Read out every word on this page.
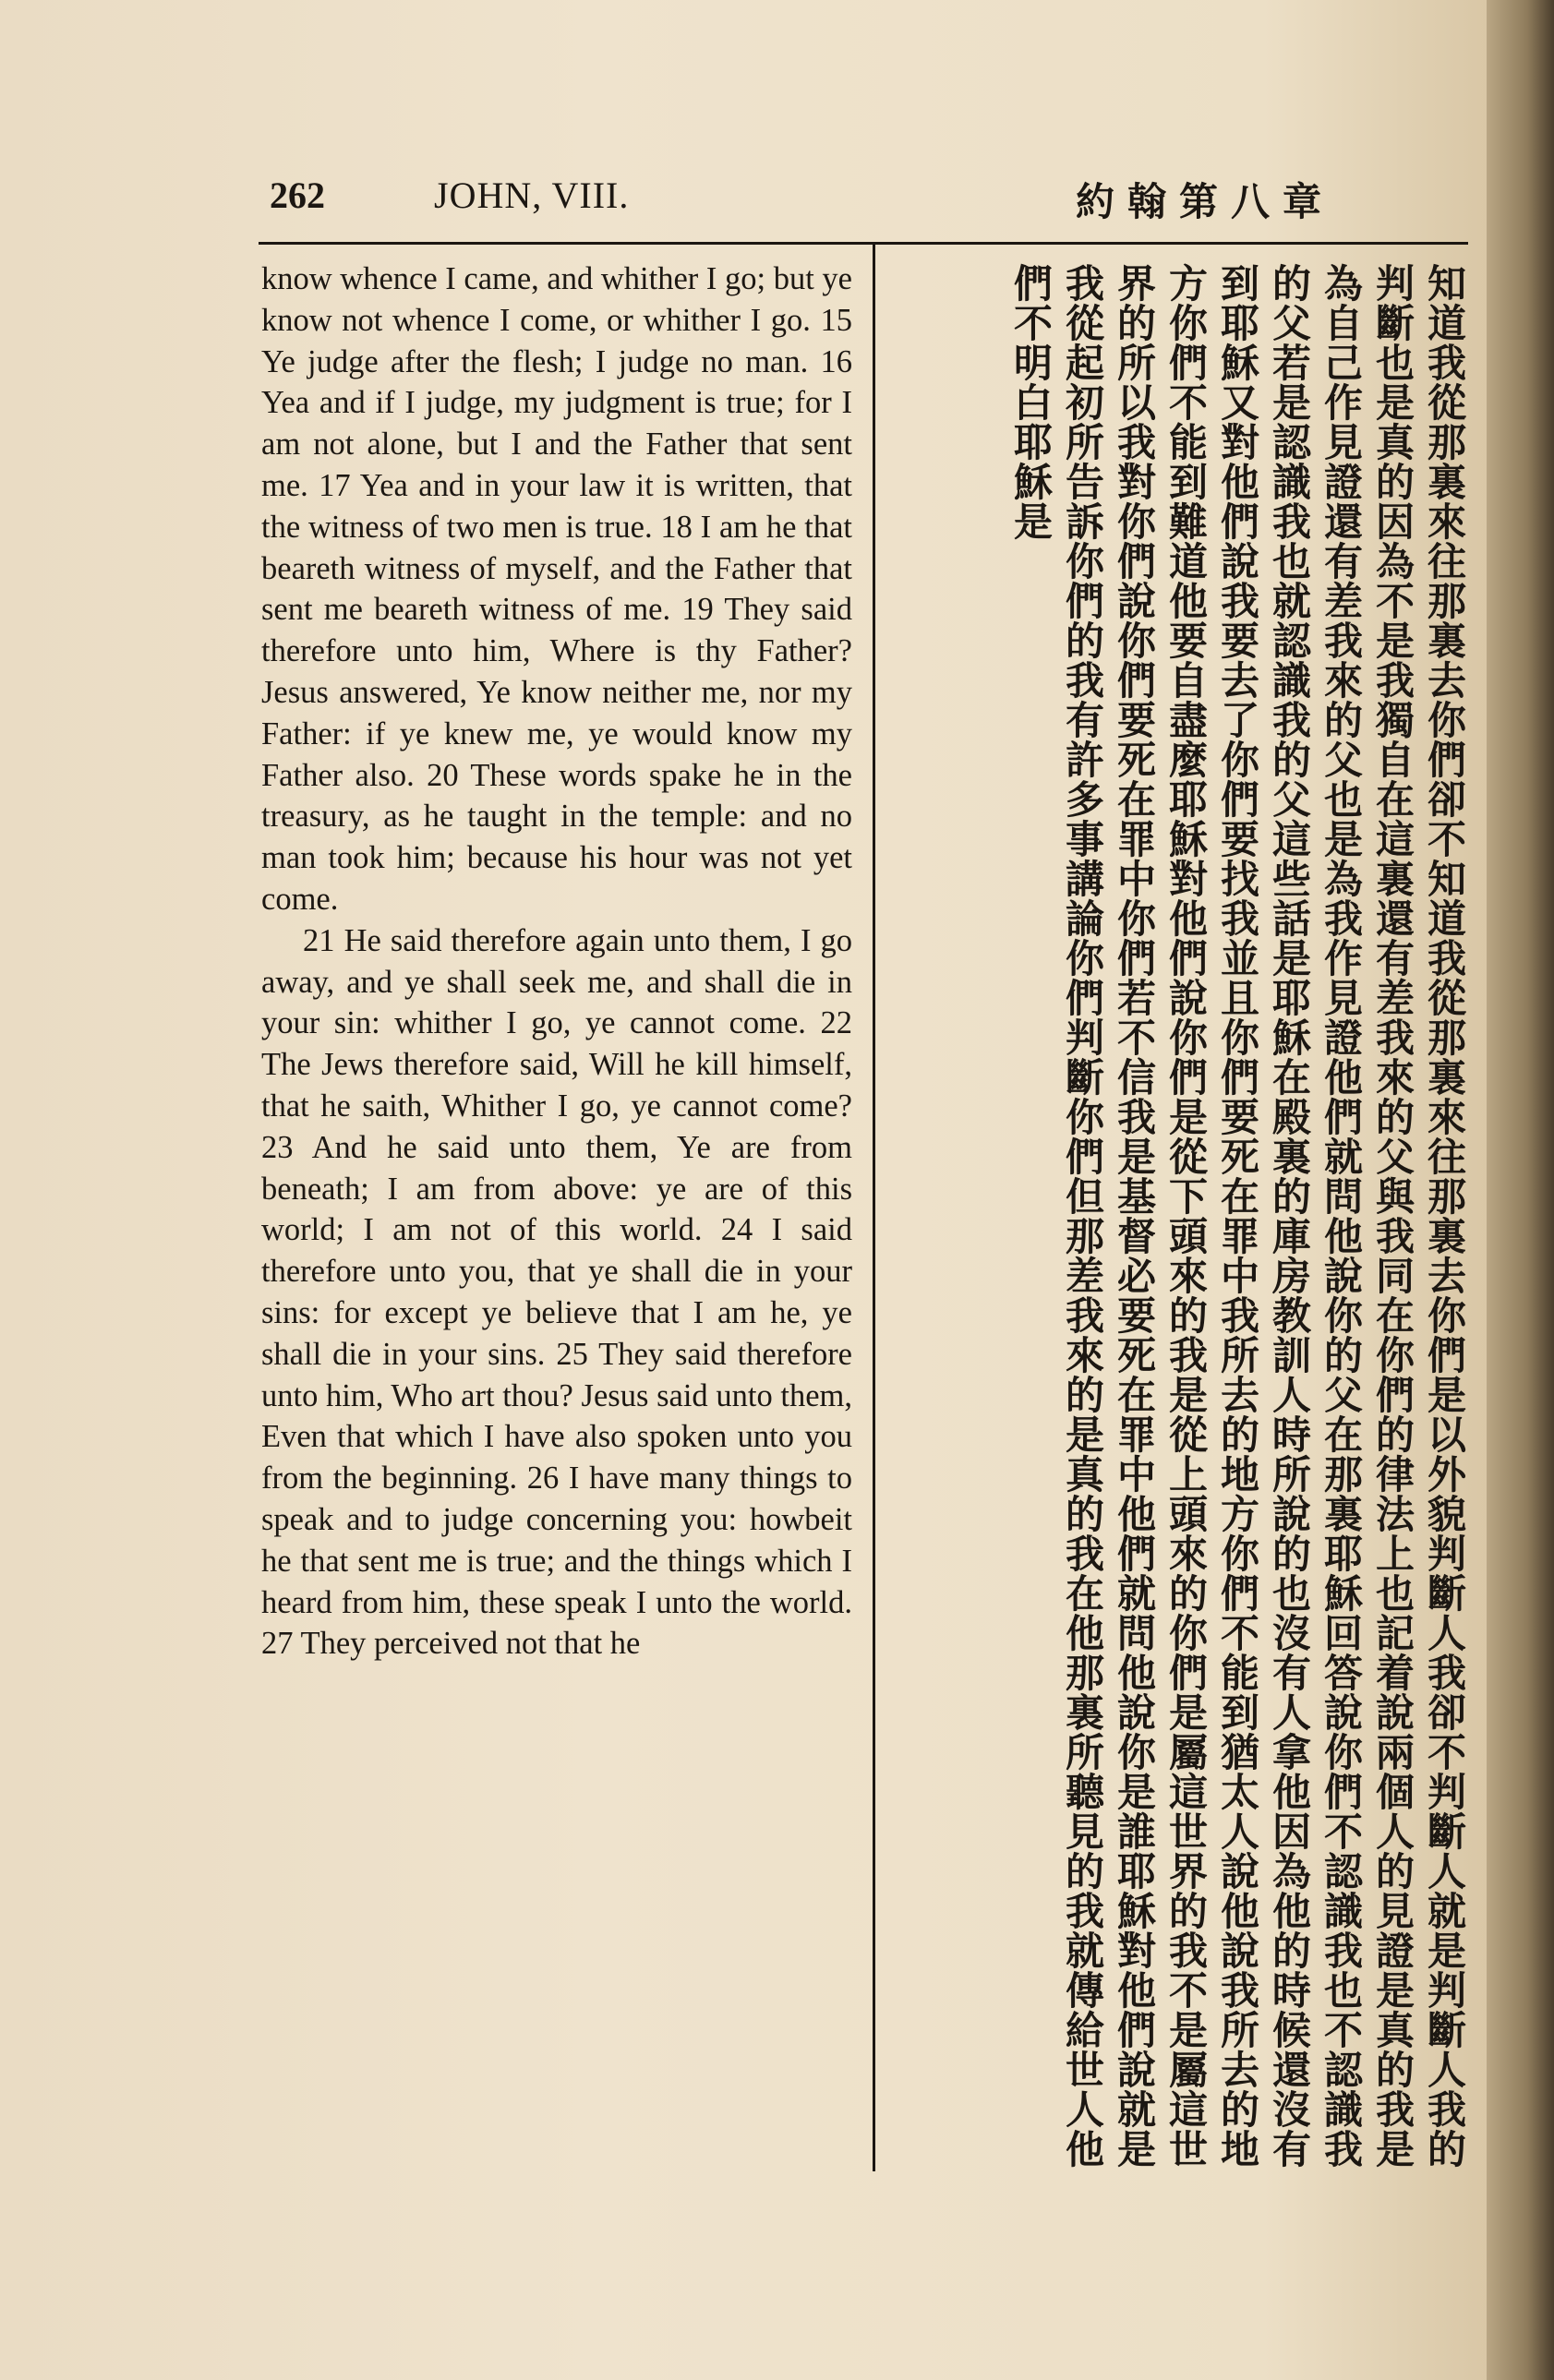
262	JOHN, VIII.	約翰第八章

know whence I came, and whither I go; but ye know not whence I come, or whither I go. 15 Ye judge after the flesh; I judge no man. 16 Yea and if I judge, my judgment is true; for I am not alone, but I and the Father that sent me. 17 Yea and in your law it is written, that the witness of two men is true. 18 I am he that beareth witness of myself, and the Father that sent me beareth witness of me. 19 They said therefore unto him, Where is thy Father? Jesus answered, Ye know neither me, nor my Father: if ye knew me, ye would know my Father also. 20 These words spake he in the treasury, as he taught in the temple: and no man took him; because his hour was not yet come.

21 He said therefore again unto them, I go away, and ye shall seek me, and shall die in your sin: whither I go, ye cannot come. 22 The Jews therefore said, Will he kill himself, that he saith, Whither I go, ye cannot come? 23 And he said unto them, Ye are from beneath; I am from above: ye are of this world; I am not of this world. 24 I said therefore unto you, that ye shall die in your sins: for except ye believe that I am he, ye shall die in your sins. 25 They said therefore unto him, Who art thou? Jesus said unto them, Even that which I have also spoken unto you from the beginning. 26 I have many things to speak and to judge concerning you: howbeit he that sent me is true; and the things which I heard from him, these speak I unto the world. 27 They perceived not that he	知道我從那裏來往那裏去你們卻不知道我從那裏來往那裏去你們是以外貌判斷人我卻不判斷人就是判斷人我的判斷也是真的因為不是我獨自在這裏還有差我來的父與我同在你們的律法上也記着說兩個人的見證是真的我是為自己作見證還有差我來的父也是為我作見證他們就問他說你的父在那裏耶穌回答說你們不認識我也不認識我的父若是認識我也就認識我的父這些話是耶穌在殿裏的庫房教訓人時所說的也沒有人拿他因為他的時候還沒有到耶穌又對他們說我要去了你們要找我並且你們要死在罪中我所去的地方你們不能到猶太人說他說我所去的地方你們不能到難道他要自盡麼耶穌對他們說你們是從下頭來的我是從上頭來的你們是屬這世界的我不是屬這世界的所以我對你們說你們要死在罪中你們若不信我是基督必要死在罪中他們就問他說你是誰耶穌對他們說就是我從起初所告訴你們的我有許多事講論你們判斷你們但那差我來的是真的我在他那裏所聽見的我就傳給世人他們不明白耶穌是
